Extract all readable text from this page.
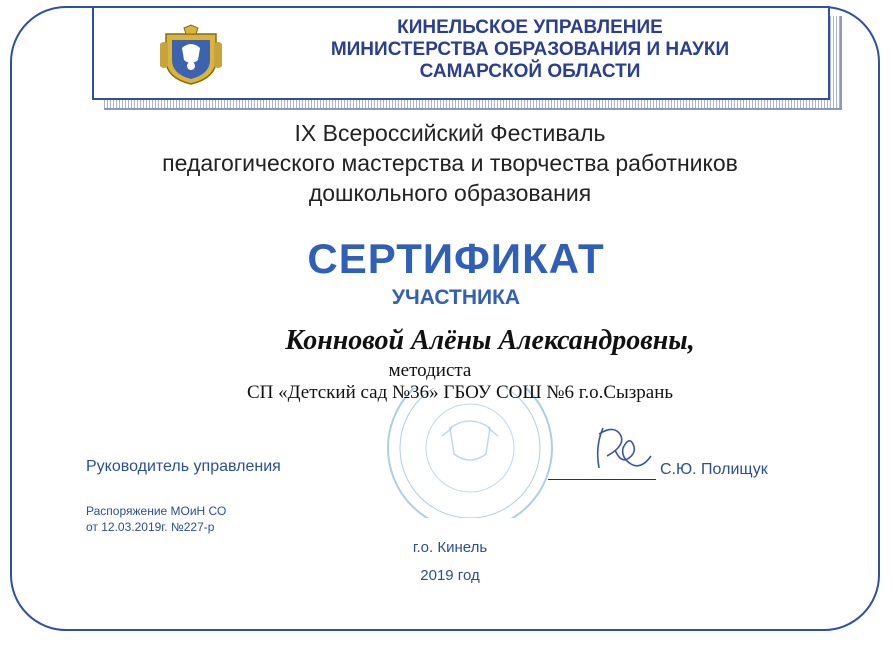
КИНЕЛЬСКОЕ УПРАВЛЕНИЕ
МИНИСТЕРСТВА ОБРАЗОВАНИЯ И НАУКИ
САМАРСКОЙ ОБЛАСТИ
IX Всероссийский Фестиваль
педагогического мастерства и творчества работников
дошкольного образования
СЕРТИФИКАТ
УЧАСТНИКА
Конновой Алёны Александровны,
методиста
СП «Детский сад №36» ГБОУ СОШ №6 г.о.Сызрань
Руководитель управления	С.Ю. Полищук
Распоряжение МОиН СО
от 12.03.2019г. №227-р
г.о. Кинель
2019 год
